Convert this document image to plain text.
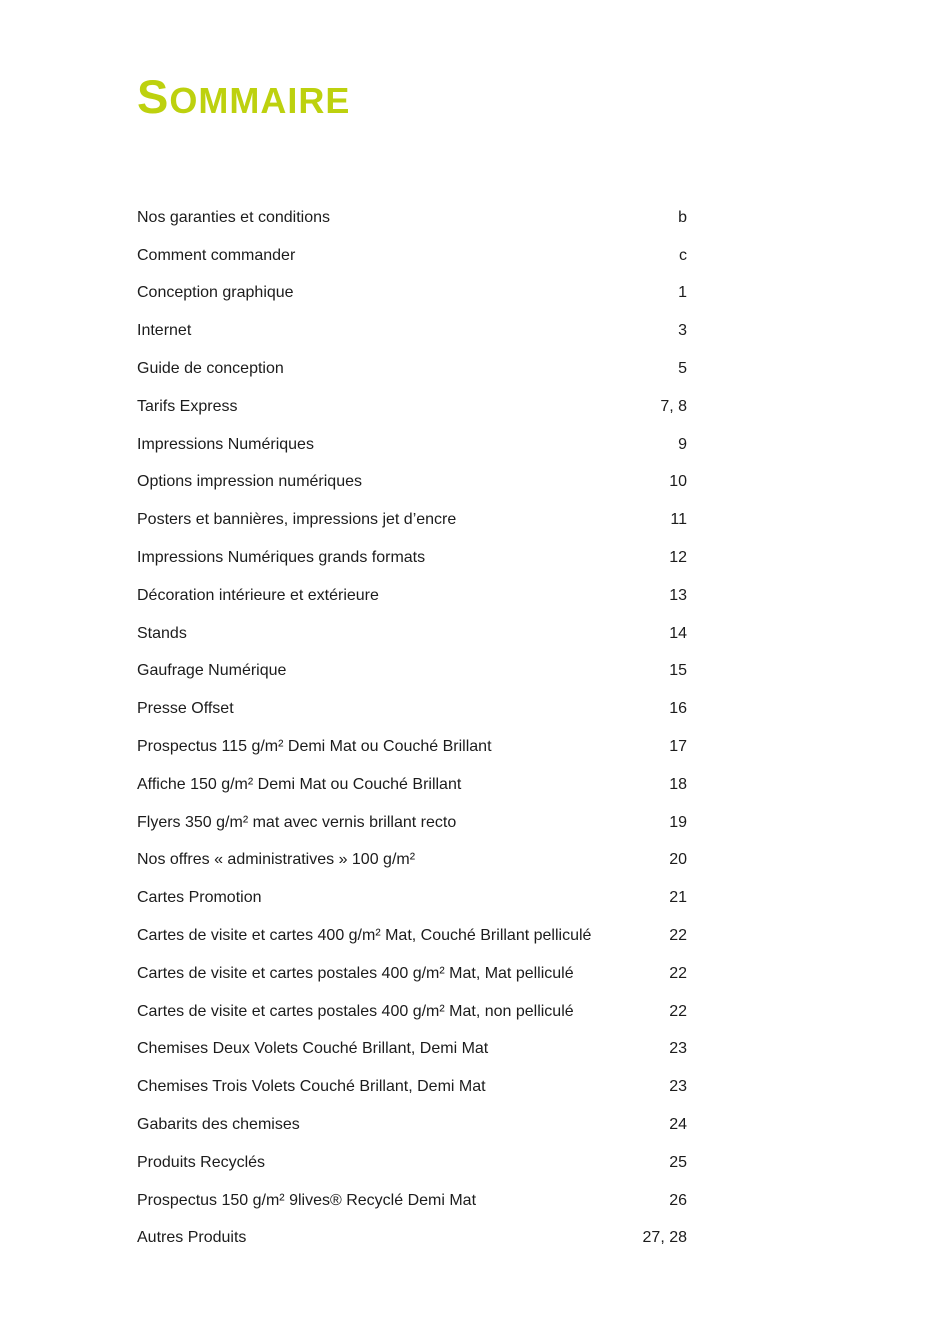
SOMMAIRE
Nos garanties et conditions	b
Comment commander	c
Conception graphique	1
Internet	3
Guide de conception	5
Tarifs Express	7, 8
Impressions Numériques	9
Options impression numériques	10
Posters et bannières, impressions jet d’encre	11
Impressions Numériques grands formats	12
Décoration intérieure et extérieure	13
Stands	14
Gaufrage Numérique	15
Presse Offset	16
Prospectus 115 g/m² Demi Mat ou Couché Brillant	17
Affiche 150 g/m² Demi Mat ou Couché Brillant	18
Flyers 350 g/m² mat avec vernis brillant recto	19
Nos offres « administratives » 100 g/m²	20
Cartes Promotion	21
Cartes de visite et cartes 400 g/m² Mat, Couché Brillant pelliculé	22
Cartes de visite et cartes postales 400 g/m² Mat, Mat pelliculé	22
Cartes de visite et cartes postales 400 g/m² Mat, non pelliculé	22
Chemises Deux Volets Couché Brillant, Demi Mat	23
Chemises Trois Volets Couché Brillant, Demi Mat	23
Gabarits des chemises	24
Produits Recyclés	25
Prospectus 150 g/m² 9lives® Recyclé Demi Mat	26
Autres Produits	27, 28
